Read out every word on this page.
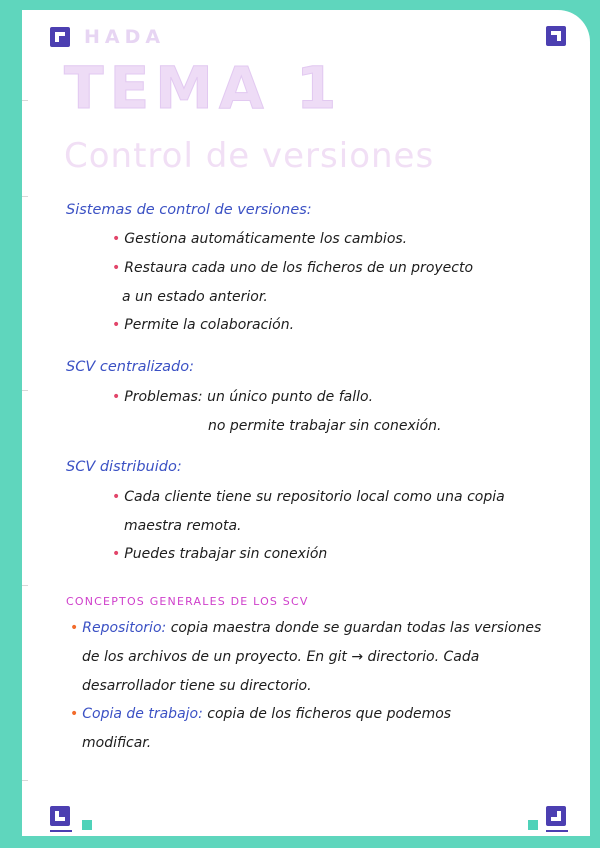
HADA
TEMA 1
Control de versiones
Sistemas de control de versiones:
• Gestiona automáticamente los cambios.
• Restaura cada uno de los ficheros de un proyecto
a un estado anterior.
• Permite la colaboración.
SCV centralizado:
• Problemas: un único punto de fallo.
no permite trabajar sin conexión.
SCV distribuido:
• Cada cliente tiene su repositorio local como una copia
maestra remota.
• Puedes trabajar sin conexión
CONCEPTOS GENERALES DE LOS SCV
• Repositorio: copia maestra donde se guardan todas las versiones
de los archivos de un proyecto. En git → directorio. Cada
desarrollador tiene su directorio.
• Copia de trabajo: copia de los ficheros que podemos
modificar.
